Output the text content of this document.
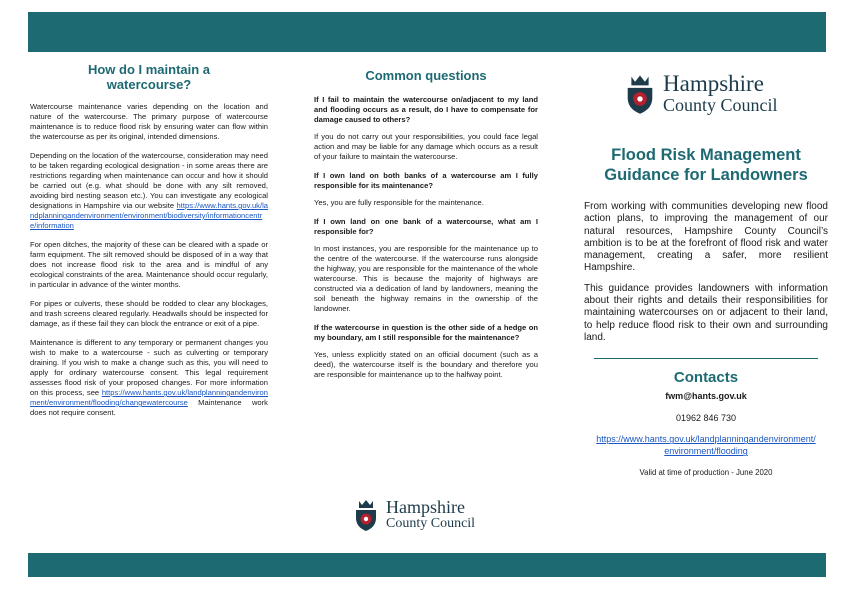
How do I maintain a watercourse?

Watercourse maintenance varies depending on the location and nature of the watercourse. The primary purpose of watercourse maintenance is to reduce flood risk by ensuring water can flow within the watercourse as per its original, intended dimensions.

Depending on the location of the watercourse, consideration may need to be taken regarding ecological designation - in some areas there are restrictions regarding when maintenance can occur and how it should be carried out (e.g. what should be done with any silt removed, avoiding bird nesting season etc.). You can investigate any ecological designations in Hampshire via our website https://www.hants.gov.uk/landplanningandenvironment/environment/biodiversity/informationcentre/information

For open ditches, the majority of these can be cleared with a spade or farm equipment. The silt removed should be disposed of in a way that does not increase flood risk to the area and is mindful of any ecological constraints of the area. Maintenance should occur regularly, in particular in advance of the winter months.

For pipes or culverts, these should be rodded to clear any blockages, and trash screens cleared regularly. Headwalls should be inspected for damage, as if these fail they can block the entrance or exit of a pipe.

Maintenance is different to any temporary or permanent changes you wish to make to a watercourse - such as culverting or temporary draining. If you wish to make a change such as this, you will need to apply for ordinary watercourse consent. This legal requirement assesses flood risk of your proposed changes. For more information on this process, see https://www.hants.gov.uk/landplanningandenvironment/environment/flooding/changewatercourse Maintenance work does not require consent.

Common questions

If I fail to maintain the watercourse on/adjacent to my land and flooding occurs as a result, do I have to compensate for damage caused to others?

If you do not carry out your responsibilities, you could face legal action and may be liable for any damage which occurs as a result of your failure to maintain the watercourse.

If I own land on both banks of a watercourse am I fully responsible for its maintenance?

Yes, you are fully responsible for the maintenance.

If I own land on one bank of a watercourse, what am I responsible for?

In most instances, you are responsible for the maintenance up to the centre of the watercourse. If the watercourse runs alongside the highway, you are responsible for the maintenance of the whole watercourse. This is because the majority of highways are constructed via a dedication of land by landowners, meaning the soil beneath the highway remains in the ownership of the landowner.

If the watercourse in question is the other side of a hedge on my boundary, am I still responsible for the maintenance?

Yes, unless explicitly stated on an official document (such as a deed), the watercourse itself is the boundary and therefore you are responsible for maintenance up to the halfway point.

Hampshire
County Council
Hampshire
County Council
Flood Risk Management Guidance for Landowners

From working with communities developing new flood action plans, to improving the management of our natural resources, Hampshire County Council’s ambition is to be at the forefront of flood risk and water management, creating a safer, more resilient Hampshire.

This guidance provides landowners with information about their rights and details their responsibilities for maintaining watercourses on or adjacent to their land, to help reduce flood risk to their own and surrounding land.

Contacts

fwm@hants.gov.uk

01962 846 730

https://www.hants.gov.uk/landplanningandenvironment/environment/flooding

Valid at time of production - June 2020
